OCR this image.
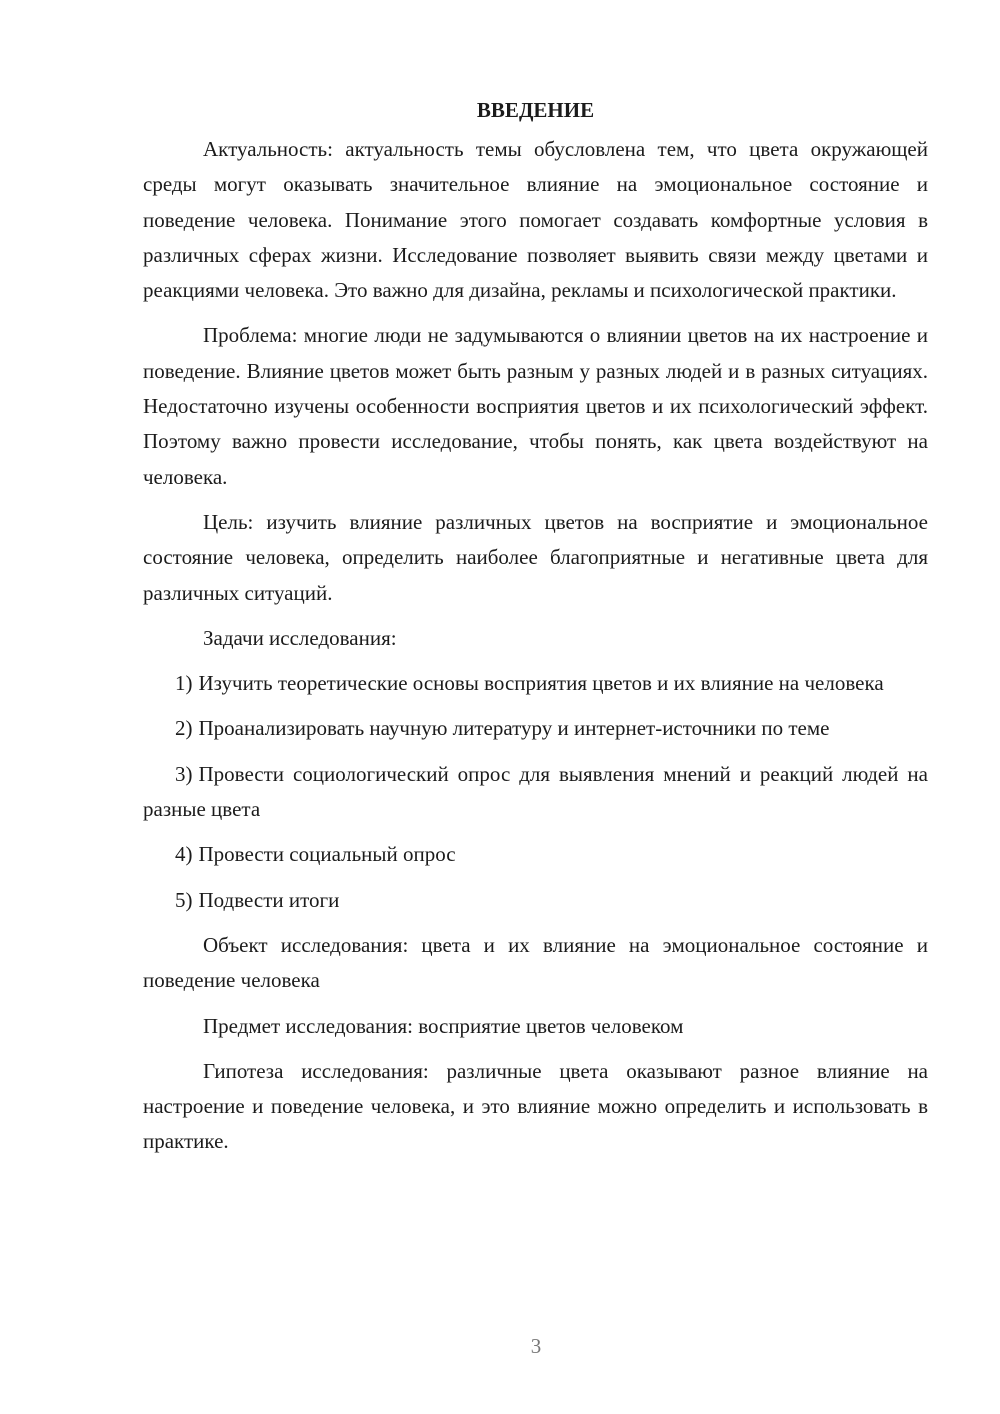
ВВЕДЕНИЕ

Актуальность: актуальность темы обусловлена тем, что цвета окружающей среды могут оказывать значительное влияние на эмоциональное состояние и поведение человека. Понимание этого помогает создавать комфортные условия в различных сферах жизни. Исследование позволяет выявить связи между цветами и реакциями человека. Это важно для дизайна, рекламы и психологической практики.

Проблема: многие люди не задумываются о влиянии цветов на их настроение и поведение. Влияние цветов может быть разным у разных людей и в разных ситуациях. Недостаточно изучены особенности восприятия цветов и их психологический эффект. Поэтому важно провести исследование, чтобы понять, как цвета воздействуют на человека.

Цель: изучить влияние различных цветов на восприятие и эмоциональное состояние человека, определить наиболее благоприятные и негативные цвета для различных ситуаций.

Задачи исследования:

1) Изучить теоретические основы восприятия цветов и их влияние на человека

2) Проанализировать научную литературу и интернет-источники по теме

3) Провести социологический опрос для выявления мнений и реакций людей на разные цвета

4) Провести социальный опрос

5) Подвести итоги

Объект исследования: цвета и их влияние на эмоциональное состояние и поведение человека

Предмет исследования: восприятие цветов человеком

Гипотеза исследования: различные цвета оказывают разное влияние на настроение и поведение человека, и это влияние можно определить и использовать в практике.

3
